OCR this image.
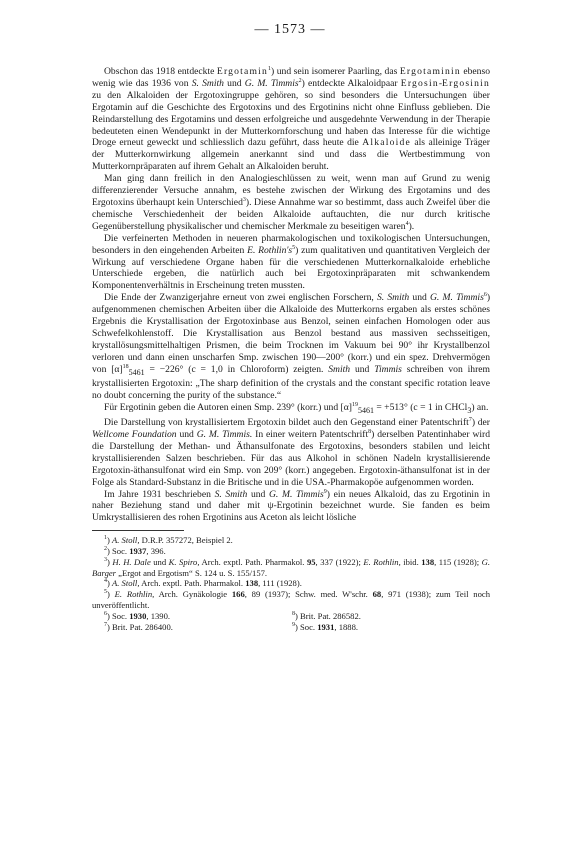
— 1573 —

Obschon das 1918 entdeckte Ergotamin$^1$) und sein isomerer Paarling, das Ergotaminin ebenso wenig wie das 1936 von S. Smith und G. M. Timmis$^2$) entdeckte Alkaloidpaar Ergosin-Ergosinin zu den Alkaloiden der Ergotoxingruppe gehören, so sind besonders die Untersuchungen über Ergotamin auf die Geschichte des Ergotoxins und des Ergotinins nicht ohne Einfluss geblieben. Die Reindarstellung des Ergotamins und dessen erfolgreiche und ausgedehnte Verwendung in der Therapie bedeuteten einen Wendepunkt in der Mutterkornforschung und haben das Interesse für die wichtige Droge erneut geweckt und schliesslich dazu geführt, dass heute die Alkaloide als alleinige Träger der Mutterkornwirkung allgemein anerkannt sind und dass die Wertbestimmung von Mutterkornpräparaten auf ihrem Gehalt an Alkaloiden beruht.

Man ging dann freilich in den Analogieschlüssen zu weit, wenn man auf Grund zu wenig differenzierender Versuche annahm, es bestehe zwischen der Wirkung des Ergotamins und des Ergotoxins überhaupt kein Unterschied$^3$). Diese Annahme war so bestimmt, dass auch Zweifel über die chemische Verschiedenheit der beiden Alkaloide auftauchten, die nur durch kritische Gegenüberstellung physikalischer und chemischer Merkmale zu beseitigen waren$^4$).

Die verfeinerten Methoden in neueren pharmakologischen und toxikologischen Untersuchungen, besonders in den eingehenden Arbeiten E. $Rothlin's^5$) zum qualitativen und quantitativen Vergleich der Wirkung auf verschiedene Organe haben für die verschiedenen Mutterkornalkaloide erhebliche Unterschiede ergeben, die natürlich auch bei Ergotoxinpräparaten mit schwankendem Komponentenverhältnis in Erscheinung treten mussten.

Die Ende der Zwanzigerjahre erneut von zwei englischen Forschern, S. Smith und G. M. Timmis$^6$) aufgenommenen chemischen Arbeiten über die Alkaloide des Mutterkorns ergaben als erstes schönes Ergebnis die Krystallisation der Ergotoxinbase aus Benzol, seinen einfachen Homologen oder aus Schwefelkohlenstoff. Die Krystallisation aus Benzol bestand aus massiven sechsseitigen, krystallösungsmittelhaltigen Prismen, die beim Trocknen im Vakuum bei 90° ihr Krystallbenzol verloren und dann einen unscharfen Smp. zwischen 190—200° (korr.) und ein spez. Drehvermögen von $[\alpha]^{18}_{5461} = -226^\circ$ (c = 1,0 in Chloroform) zeigten. Smith und Timmis schreiben von ihrem krystallisierten Ergotoxin: „The sharp definition of the crystals and the constant specific rotation leave no doubt concerning the purity of the substance.“

Für Ergotinin geben die Autoren einen Smp. 239° (korr.) und $[\alpha]^{19}_{5461} = +513^\circ$ (c = 1 in CHCl$_3$) an.

Die Darstellung von krystallisiertem Ergotoxin bildet auch den Gegenstand einer Patentschrift$^7$) der Wellcome Foundation und G. M. Timmis. In einer weitern Patentschrift$^8$) derselben Patentinhaber wird die Darstellung der Methan- und Äthansulfonate des Ergotoxins, besonders stabilen und leicht krystallisierenden Salzen beschrieben. Für das aus Alkohol in schönen Nadeln krystallisierende Ergotoxin-äthansulfonat wird ein Smp. von 209° (korr.) angegeben. Ergotoxin-äthansulfonat ist in der Folge als Standard-Substanz in die Britische und in die USA.-Pharmakopöe aufgenommen worden.

Im Jahre 1931 beschrieben S. Smith und G. M. Timmis$^9$) ein neues Alkaloid, das zu Ergotinin in naher Beziehung stand und daher mit ψ-Ergotinin bezeichnet wurde. Sie fanden es beim Umkrystallisieren des rohen Ergotinins aus Aceton als leicht lösliche

$^1$) A. Stoll, D.R.P. 357272, Beispiel 2.
$^2$) Soc. 1937, 396.
$^3$) H. H. Dale und K. Spiro, Arch. exptl. Path. Pharmakol. 95, 337 (1922); E. Rothlin, ibid. 138, 115 (1928); G. Barger „Ergot and Ergotism“ S. 124 u. S. 155/157.
$^4$) A. Stoll, Arch. exptl. Path. Pharmakol. 138, 111 (1928).
$^5$) E. Rothlin, Arch. Gynäkologie 166, 89 (1937); Schw. med. W'schr. 68, 971 (1938); zum Teil noch unveröffentlicht.
$^6$) Soc. 1930, 1390.	$^8$) Brit. Pat. 286582.
$^7$) Brit. Pat. 286400.	$^9$) Soc. 1931, 1888.
